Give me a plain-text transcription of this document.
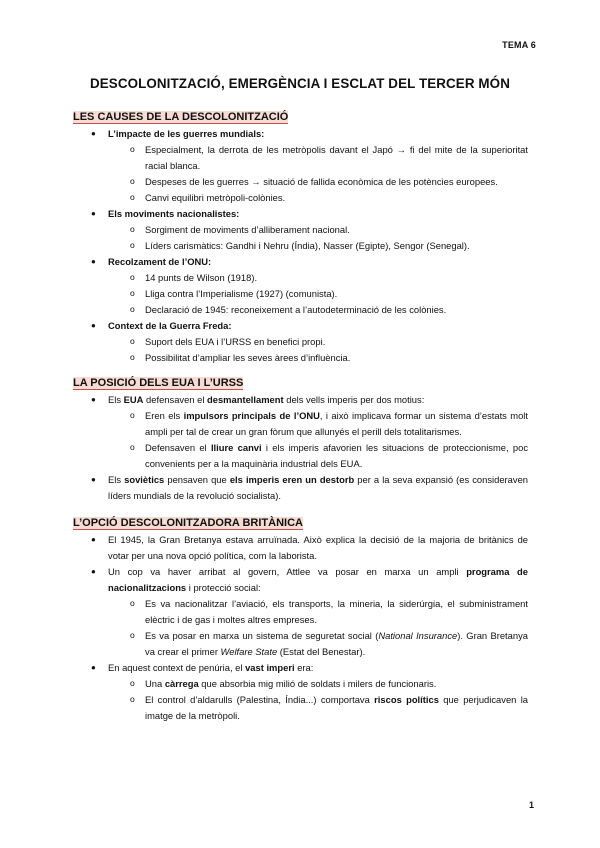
TEMA 6
DESCOLONITZACIÓ, EMERGÈNCIA I ESCLAT DEL TERCER MÓN
LES CAUSES DE LA DESCOLONITZACIÓ
● L’impacte de les guerres mundials:
o Especialment, la derrota de les metròpolis davant el Japó → fi del mite de la superioritat racial blanca.
o Despeses de les guerres → situació de fallida econòmica de les potències europees.
o Canvi equilibri metròpoli-colònies.
● Els moviments nacionalistes:
o Sorgiment de moviments d’alliberament nacional.
o Líders carismàtics: Gandhi i Nehru (Índia), Nasser (Egipte), Sengor (Senegal).
● Recolzament de l’ONU:
o 14 punts de Wilson (1918).
o Lliga contra l’Imperialisme (1927) (comunista).
o Declaració de 1945: reconeixement a l’autodeterminació de les colònies.
● Context de la Guerra Freda:
o Suport dels EUA i l’URSS en benefici propi.
o Possibilitat d’ampliar les seves àrees d’influència.
LA POSICIÓ DELS EUA I L’URSS
● Els EUA defensaven el desmantellament dels vells imperis per dos motius:
o Eren els impulsors principals de l’ONU, i això implicava formar un sistema d’estats molt ampli per tal de crear un gran fòrum que allunyés el perill dels totalitarismes.
o Defensaven el lliure canvi i els imperis afavorien les situacions de proteccionisme, poc convenients per a la maquinària industrial dels EUA.
● Els soviètics pensaven que els imperis eren un destorb per a la seva expansió (es consideraven líders mundials de la revolució socialista).
L’OPCIÓ DESCOLONITZADORA BRITÀNICA
● El 1945, la Gran Bretanya estava arruïnada. Això explica la decisió de la majoria de britànics de votar per una nova opció política, com la laborista.
● Un cop va haver arribat al govern, Attlee va posar en marxa un ampli programa de nacionalitzacions i protecció social:
o Es va nacionalitzar l’aviació, els transports, la mineria, la siderúrgia, el subministrament elèctric i de gas i moltes altres empreses.
o Es va posar en marxa un sistema de seguretat social (National Insurance). Gran Bretanya va crear el primer Welfare State (Estat del Benestar).
● En aquest context de penúria, el vast imperi era:
o Una càrrega que absorbia mig milió de soldats i milers de funcionaris.
o El control d’aldarulls (Palestina, Índia...) comportava riscos polítics que perjudicaven la imatge de la metròpoli.
1
